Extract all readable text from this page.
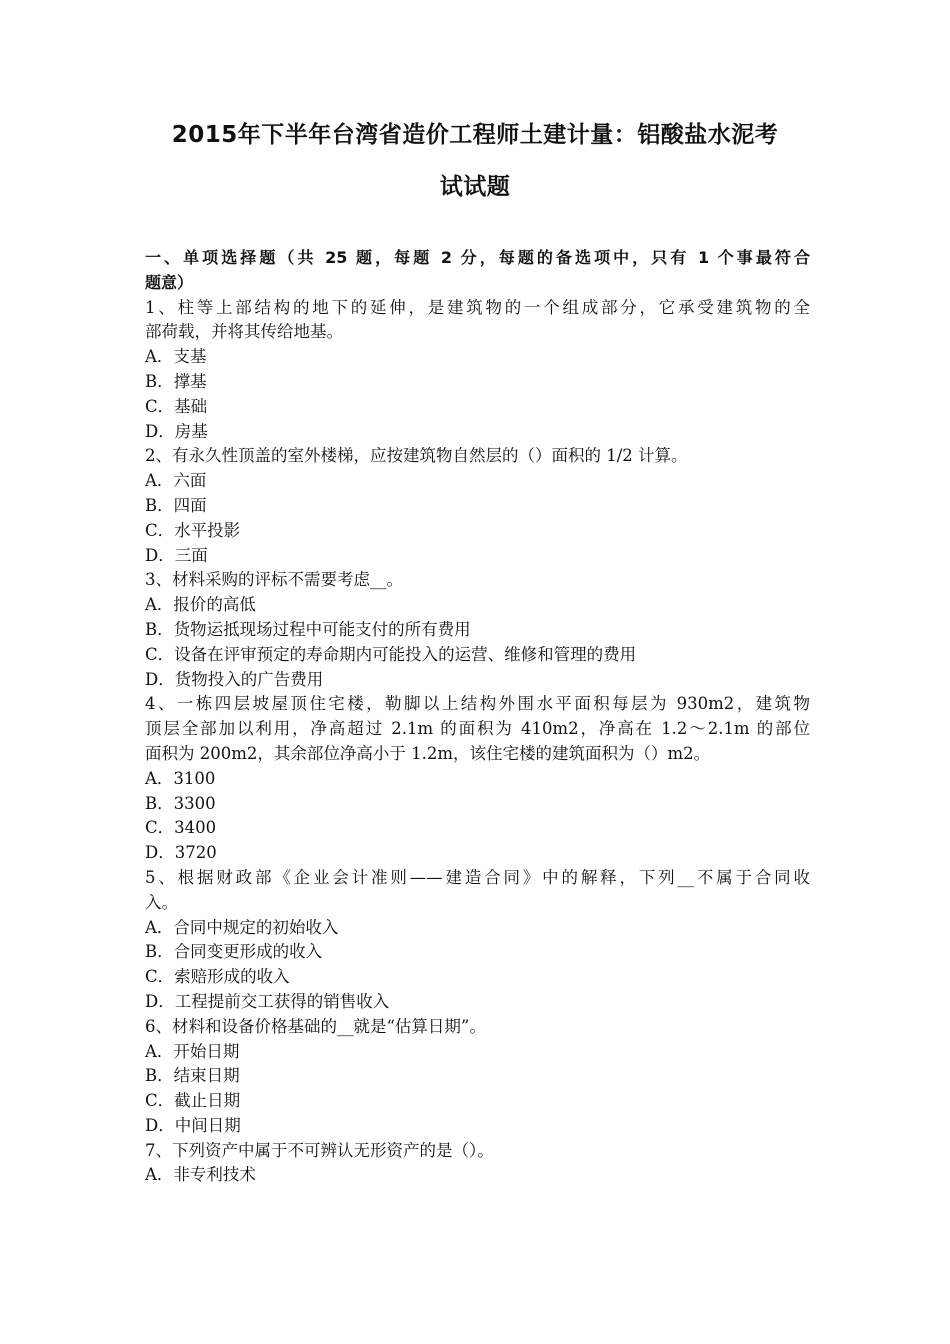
2015年下半年台湾省造价工程师土建计量：铝酸盐水泥考
试试题
一、单项选择题（共 25 题，每题 2 分，每题的备选项中，只有 1 个事最符合
题意）
1、柱等上部结构的地下的延伸，是建筑物的一个组成部分，它承受建筑物的全
部荷载，并将其传给地基。
A．支基
B．撑基
C．基础
D．房基
2、有永久性顶盖的室外楼梯，应按建筑物自然层的（）面积的 1/2 计算。
A．六面
B．四面
C．水平投影
D．三面
3、材料采购的评标不需要考虑__。
A．报价的高低
B．货物运抵现场过程中可能支付的所有费用
C．设备在评审预定的寿命期内可能投入的运营、维修和管理的费用
D．货物投入的广告费用
4、一栋四层坡屋顶住宅楼，勒脚以上结构外围水平面积每层为 930m2，建筑物
顶层全部加以利用，净高超过 2.1m 的面积为 410m2，净高在 1.2～2.1m 的部位
面积为 200m2，其余部位净高小于 1.2m，该住宅楼的建筑面积为（）m2。
A．3100
B．3300
C．3400
D．3720
5、根据财政部《企业会计准则——建造合同》中的解释，下列__不属于合同收
入。
A．合同中规定的初始收入
B．合同变更形成的收入
C．索赔形成的收入
D．工程提前交工获得的销售收入
6、材料和设备价格基础的__就是“估算日期”。
A．开始日期
B．结束日期
C．截止日期
D．中间日期
7、下列资产中属于不可辨认无形资产的是（）。
A．非专利技术
